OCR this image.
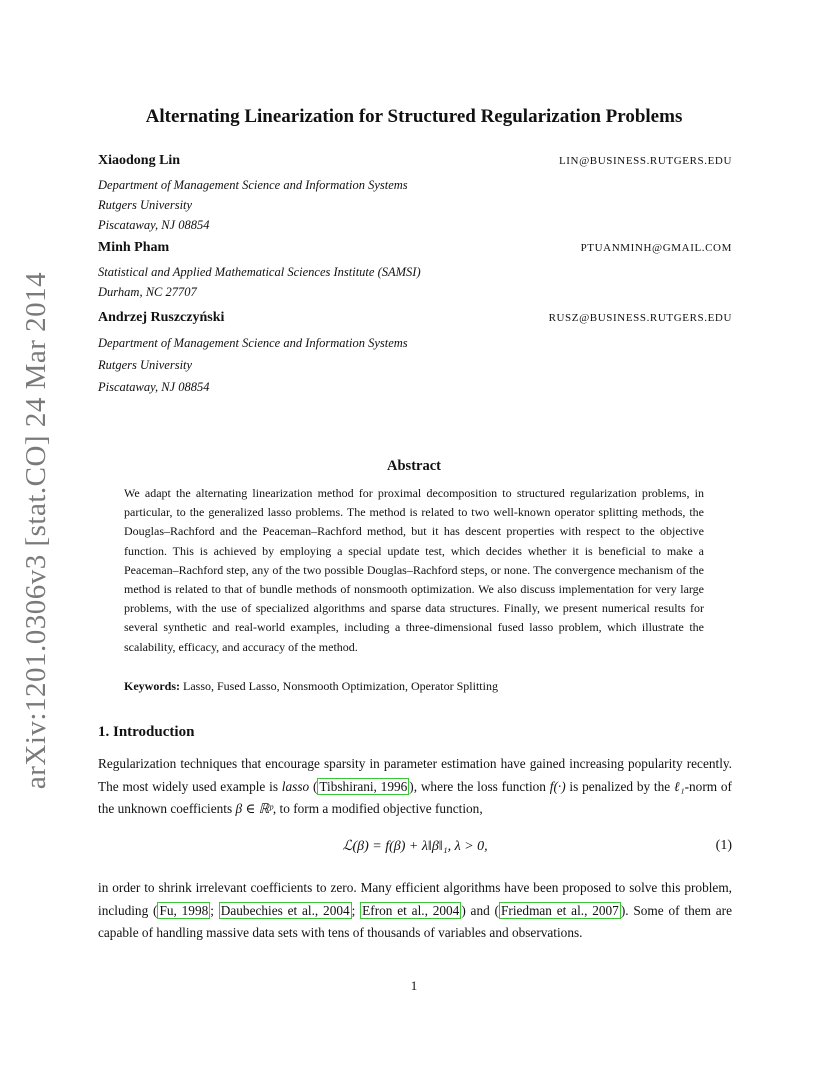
arXiv:1201.0306v3 [stat.CO] 24 Mar 2014
Alternating Linearization for Structured Regularization Problems
Xiaodong Lin	LIN@BUSINESS.RUTGERS.EDU
Department of Management Science and Information Systems
Rutgers University
Piscataway, NJ 08854
Minh Pham	PTUANMINH@GMAIL.COM
Statistical and Applied Mathematical Sciences Institute (SAMSI)
Durham, NC 27707
Andrzej Ruszczyński	RUSZ@BUSINESS.RUTGERS.EDU
Department of Management Science and Information Systems
Rutgers University
Piscataway, NJ 08854
Abstract
We adapt the alternating linearization method for proximal decomposition to structured regularization problems, in particular, to the generalized lasso problems. The method is related to two well-known operator splitting methods, the Douglas–Rachford and the Peaceman–Rachford method, but it has descent properties with respect to the objective function. This is achieved by employing a special update test, which decides whether it is beneficial to make a Peaceman–Rachford step, any of the two possible Douglas–Rachford steps, or none. The convergence mechanism of the method is related to that of bundle methods of nonsmooth optimization. We also discuss implementation for very large problems, with the use of specialized algorithms and sparse data structures. Finally, we present numerical results for several synthetic and real-world examples, including a three-dimensional fused lasso problem, which illustrate the scalability, efficacy, and accuracy of the method.
Keywords: Lasso, Fused Lasso, Nonsmooth Optimization, Operator Splitting
1. Introduction
Regularization techniques that encourage sparsity in parameter estimation have gained increasing popularity recently. The most widely used example is lasso ( Tibshirani, 1996 ), where the loss function f(·) is penalized by the ℓ₁-norm of the unknown coefficients β ∈ ℝᵖ, to form a modified objective function,
ℒ(β) = f(β) + λ‖β‖₁, λ > 0,	(1)
in order to shrink irrelevant coefficients to zero. Many efficient algorithms have been proposed to solve this problem, including ( Fu, 1998 ; Daubechies et al., 2004 ; Efron et al., 2004 ) and ( Friedman et al., 2007 ). Some of them are capable of handling massive data sets with tens of thousands of variables and observations.
1
